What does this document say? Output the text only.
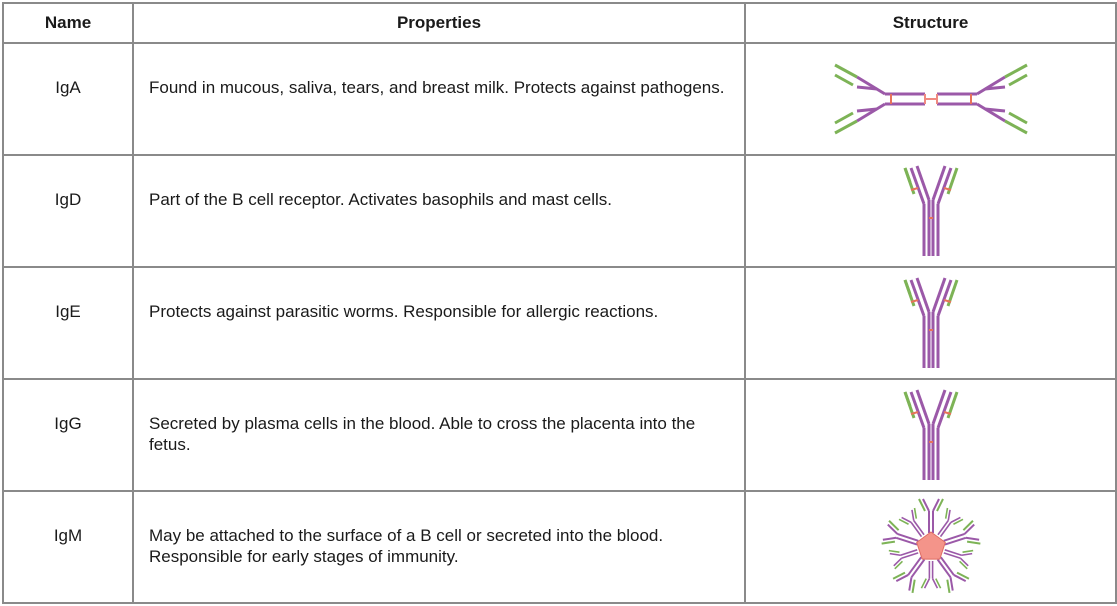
Name	Properties	Structure
IgA	Found in mucous, saliva, tears, and breast milk. Protects against pathogens.	

IgD	Part of the B cell receptor. Activates basophils and mast cells.	

IgE	Protects against parasitic worms. Responsible for allergic reactions.	

IgG	Secreted by plasma cells in the blood. Able to cross the placenta into the fetus.	

IgM	May be attached to the surface of a B cell or secreted into the blood. Responsible for early stages of immunity.	
